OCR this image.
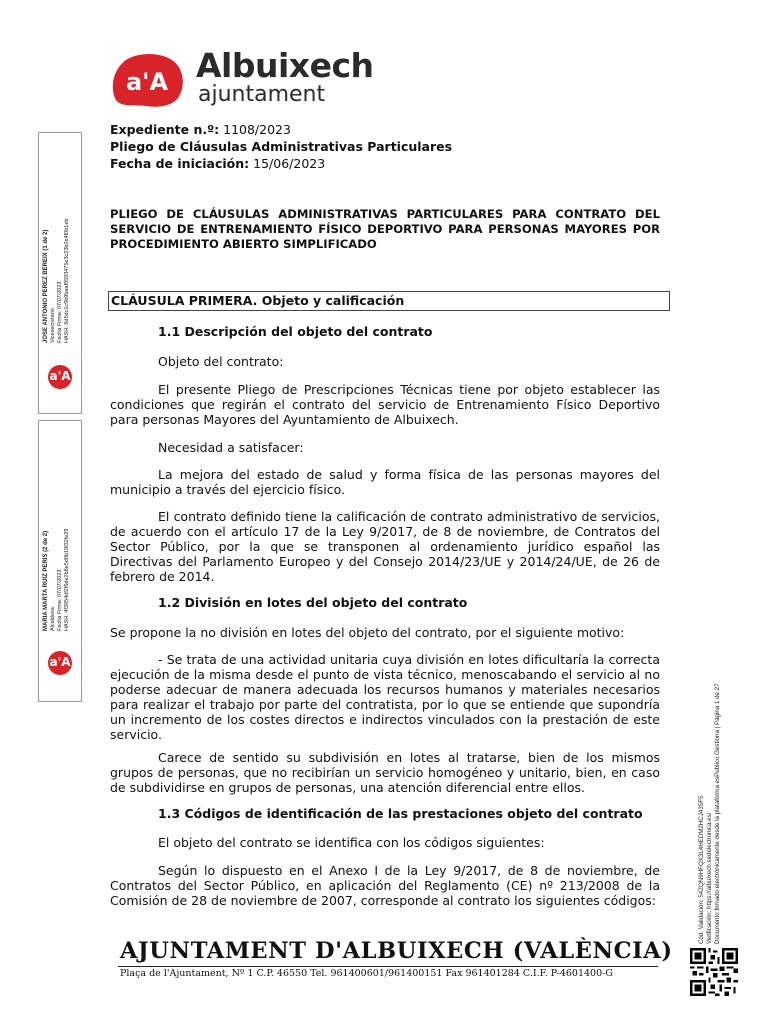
a'A Albuixech
ajuntament
Expediente n.º: 1108/2023
Pliego de Cláusulas Administrativas Particulares
Fecha de iniciación: 15/06/2023
PLIEGO DE CLÁUSULAS ADMINISTRATIVAS PARTICULARES PARA CONTRATO DEL SERVICIO DE ENTRENAMIENTO FÍSICO DEPORTIVO PARA PERSONAS MAYORES POR PROCEDIMIENTO ABIERTO SIMPLIFICADO
CLÁUSULA PRIMERA. Objeto y calificación
1.1 Descripción del objeto del contrato
Objeto del contrato:
El presente Pliego de Prescripciones Técnicas tiene por objeto establecer las condiciones que regirán el contrato del servicio de Entrenamiento Físico Deportivo para personas Mayores del Ayuntamiento de Albuixech.
Necesidad a satisfacer:
La mejora del estado de salud y forma física de las personas mayores del municipio a través del ejercicio físico.
El contrato definido tiene la calificación de contrato administrativo de servicios, de acuerdo con el artículo 17 de la Ley 9/2017, de 8 de noviembre, de Contratos del Sector Público, por la que se transponen al ordenamiento jurídico español las Directivas del Parlamento Europeo y del Consejo 2014/23/UE y 2014/24/UE, de 26 de febrero de 2014.
1.2 División en lotes del objeto del contrato
Se propone la no división en lotes del objeto del contrato, por el siguiente motivo:
- Se trata de una actividad unitaria cuya división en lotes dificultaría la correcta ejecución de la misma desde el punto de vista técnico, menoscabando el servicio al no poderse adecuar de manera adecuada los recursos humanos y materiales necesarios para realizar el trabajo por parte del contratista, por lo que se entiende que supondría un incremento de los costes directos e indirectos vinculados con la prestación de este servicio.
Carece de sentido su subdivisión en lotes al tratarse, bien de los mismos grupos de personas, que no recibirían un servicio homogéneo y unitario, bien, en caso de subdividirse en grupos de personas, una atención diferencial entre ellos.
1.3 Códigos de identificación de las prestaciones objeto del contrato
El objeto del contrato se identifica con los códigos siguientes:
Según lo dispuesto en el Anexo I de la Ley 9/2017, de 8 de noviembre, de Contratos del Sector Público, en aplicación del Reglamento (CE) nº 213/2008 de la Comisión de 28 de noviembre de 2007, corresponde al contrato los siguientes códigos:
JOSE ANTONIO PEREZ BEREIX (1 de 2) Vicesecretario Fecha Firma: 07/07/2023 HASH: 6d5dc1c9b9baaf9593475e3c23b2e4f0b1eb
a'A
MARIA MARTA RUIZ PERIS (2 de 2) Alcaldesa Fecha Firma: 07/07/2023 HASH: 4f3954df2f6de2b8e5d0b18f32fe29
a'A
Cód. Validación: 54ZQN9HFQX3L4HEDM2HCJ435F5 Verificación: https://albuixech.sedelectronica.es/ Documento firmado electrónicamente desde la plataforma esPublico Gestiona | Página 1 de 27
AJUNTAMENT D'ALBUIXECH (VALÈNCIA)
Plaça de l'Ajuntament, Nº 1 C.P. 46550 Tel. 961400601/961400151 Fax 961401284 C.I.F. P-4601400-G
